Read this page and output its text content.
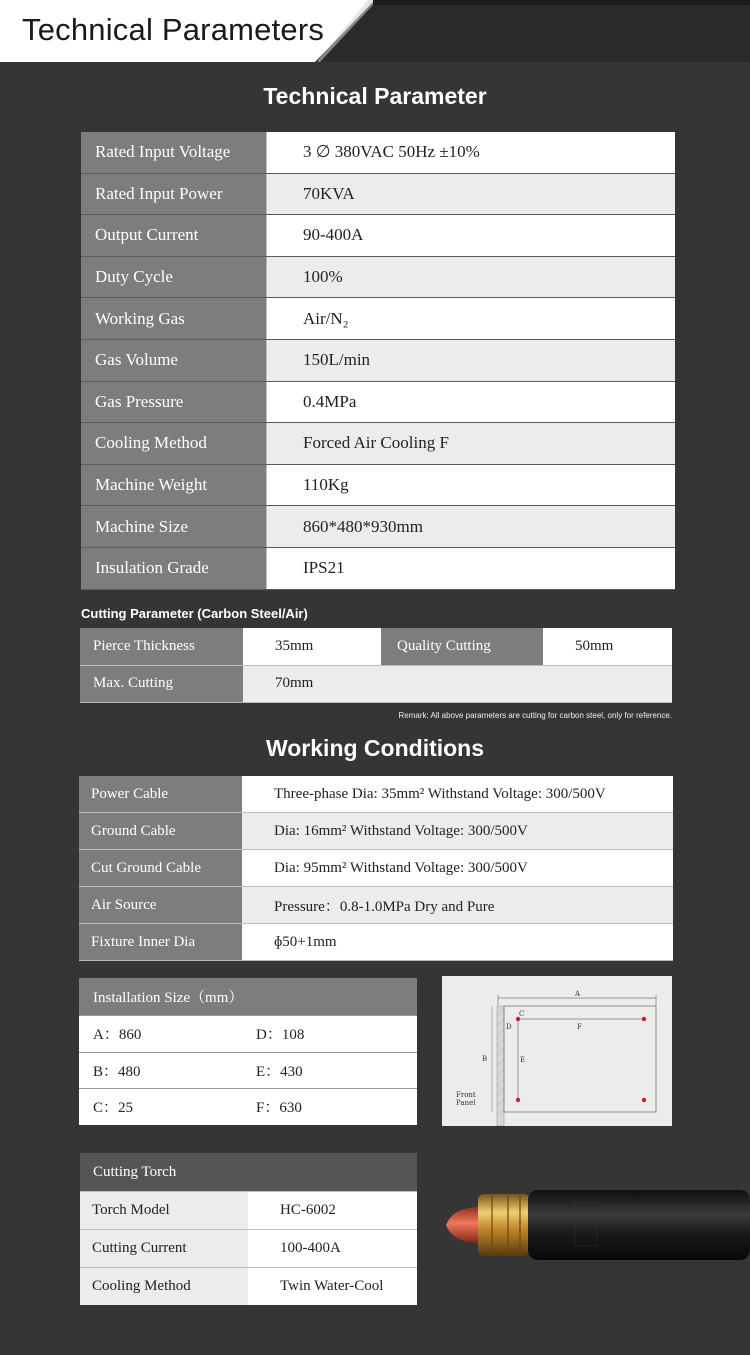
Technical Parameters
Technical Parameter
Rated Input Voltage	3 ∅ 380VAC 50Hz ±10%
Rated Input Power	70KVA
Output Current	90-400A
Duty Cycle	100%
Working Gas	Air/N₂
Gas Volume	150L/min
Gas Pressure	0.4MPa
Cooling Method	Forced Air Cooling F
Machine Weight	110Kg
Machine Size	860*480*930mm
Insulation Grade	IPS21
Cutting Parameter (Carbon Steel/Air)
Pierce Thickness	35mm	Quality Cutting	50mm
Max. Cutting	70mm
Remark: All above parameters are cutting for carbon steel, only for reference.
Working Conditions
Power Cable	Three-phase Dia: 35mm² Withstand Voltage: 300/500V
Ground Cable	Dia: 16mm² Withstand Voltage: 300/500V
Cut Ground Cable	Dia: 95mm² Withstand Voltage: 300/500V
Air Source	Pressure：0.8-1.0MPa Dry and Pure
Fixture Inner Dia	ɸ50+1mm
Installation Size（mm）
A：860	D：108
B：480	E：430
C：25	F：630
A
B
F
E
C
D
Front
Panel
Cutting Torch
Torch Model	HC-6002
Cutting Current	100-400A
Cooling Method	Twin Water-Cool
